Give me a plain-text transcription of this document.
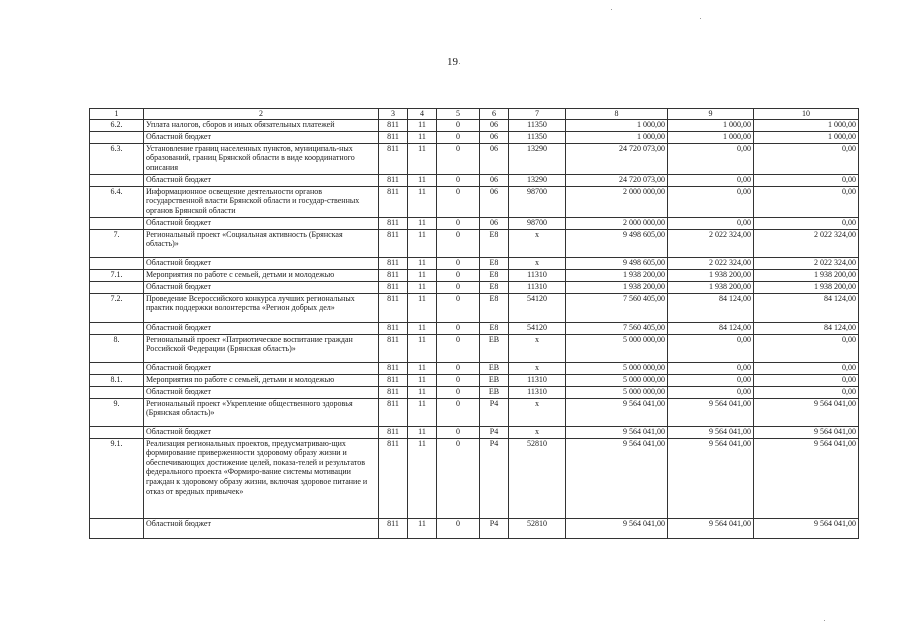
19
1	2	3	4	5	6	7	8	9	10
6.2.	Уплата налогов, сборов и иных обязательных платежей	811	11	0	06	11350	1 000,00	1 000,00	1 000,00
	Областной бюджет	811	11	0	06	11350	1 000,00	1 000,00	1 000,00
6.3.	Установление границ населенных пунктов, муниципаль-ных образований, границ Брянской области в виде координатного описания	811	11	0	06	13290	24 720 073,00	0,00	0,00
	Областной бюджет	811	11	0	06	13290	24 720 073,00	0,00	0,00
6.4.	Информационное освещение деятельности органов государственной власти Брянской области и государ-ственных органов Брянской области	811	11	0	06	98700	2 000 000,00	0,00	0,00
	Областной бюджет	811	11	0	06	98700	2 000 000,00	0,00	0,00
7.	Региональный проект «Социальная активность (Брянская область)»	811	11	0	E8	x	9 498 605,00	2 022 324,00	2 022 324,00
	Областной бюджет	811	11	0	E8	x	9 498 605,00	2 022 324,00	2 022 324,00
7.1.	Мероприятия по работе с семьей, детьми и молодежью	811	11	0	E8	11310	1 938 200,00	1 938 200,00	1 938 200,00
	Областной бюджет	811	11	0	E8	11310	1 938 200,00	1 938 200,00	1 938 200,00
7.2.	Проведение Всероссийского конкурса лучших региональных практик поддержки волонтерства «Регион добрых дел»	811	11	0	E8	54120	7 560 405,00	84 124,00	84 124,00
	Областной бюджет	811	11	0	E8	54120	7 560 405,00	84 124,00	84 124,00
8.	Региональный проект «Патриотическое воспитание граждан Российской Федерации (Брянская область)»	811	11	0	EB	x	5 000 000,00	0,00	0,00
	Областной бюджет	811	11	0	EB	x	5 000 000,00	0,00	0,00
8.1.	Мероприятия по работе с семьей, детьми и молодежью	811	11	0	EB	11310	5 000 000,00	0,00	0,00
	Областной бюджет	811	11	0	EB	11310	5 000 000,00	0,00	0,00
9.	Региональный проект «Укрепление общественного здоровья (Брянская область)»	811	11	0	P4	x	9 564 041,00	9 564 041,00	9 564 041,00
	Областной бюджет	811	11	0	P4	x	9 564 041,00	9 564 041,00	9 564 041,00
9.1.	Реализация региональных проектов, предусматриваю-щих формирование приверженности здоровому образу жизни и обеспечивающих достижение целей, показа-телей и результатов федерального проекта «Формиро-вание системы мотивации граждан к здоровому образу жизни, включая здоровое питание и отказ от вредных привычек»	811	11	0	P4	52810	9 564 041,00	9 564 041,00	9 564 041,00
	Областной бюджет	811	11	0	P4	52810	9 564 041,00	9 564 041,00	9 564 041,00
